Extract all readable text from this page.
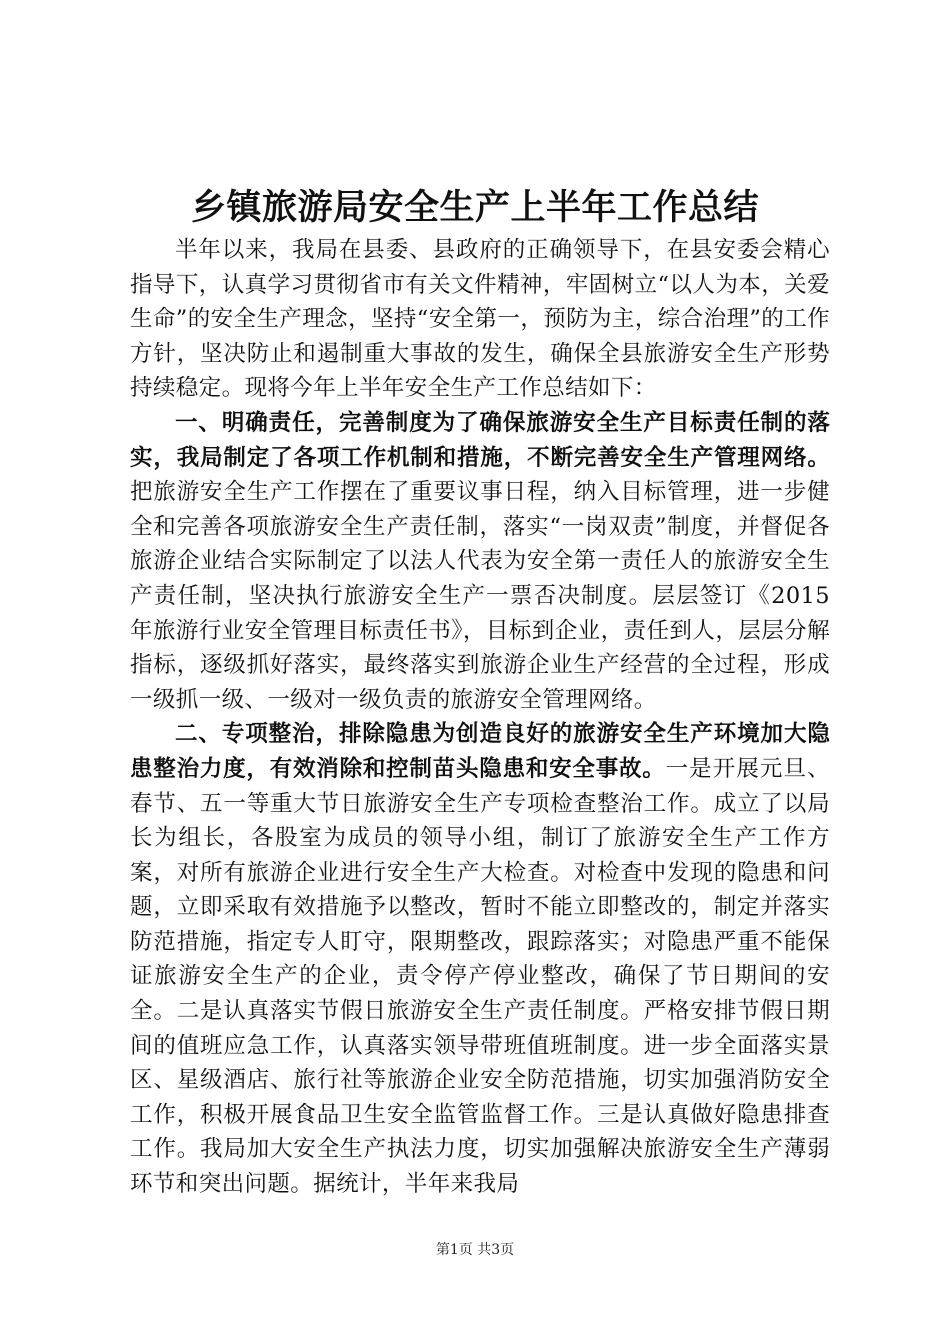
乡镇旅游局安全生产上半年工作总结

半年以来，我局在县委、县政府的正确领导下，在县安委会精心指导下，认真学习贯彻省市有关文件精神，牢固树立“以人为本，关爱生命”的安全生产理念，坚持“安全第一，预防为主，综合治理”的工作方针，坚决防止和遏制重大事故的发生，确保全县旅游安全生产形势持续稳定。现将今年上半年安全生产工作总结如下：

一、明确责任，完善制度为了确保旅游安全生产目标责任制的落实，我局制定了各项工作机制和措施，不断完善安全生产管理网络。把旅游安全生产工作摆在了重要议事日程，纳入目标管理，进一步健全和完善各项旅游安全生产责任制，落实“一岗双责”制度，并督促各旅游企业结合实际制定了以法人代表为安全第一责任人的旅游安全生产责任制，坚决执行旅游安全生产一票否决制度。层层签订《2015年旅游行业安全管理目标责任书》，目标到企业，责任到人，层层分解指标，逐级抓好落实，最终落实到旅游企业生产经营的全过程，形成一级抓一级、一级对一级负责的旅游安全管理网络。

二、专项整治，排除隐患为创造良好的旅游安全生产环境加大隐患整治力度，有效消除和控制苗头隐患和安全事故。一是开展元旦、春节、五一等重大节日旅游安全生产专项检查整治工作。成立了以局长为组长，各股室为成员的领导小组，制订了旅游安全生产工作方案，对所有旅游企业进行安全生产大检查。对检查中发现的隐患和问题，立即采取有效措施予以整改，暂时不能立即整改的，制定并落实防范措施，指定专人盯守，限期整改，跟踪落实；对隐患严重不能保证旅游安全生产的企业，责令停产停业整改，确保了节日期间的安全。二是认真落实节假日旅游安全生产责任制度。严格安排节假日期间的值班应急工作，认真落实领导带班值班制度。进一步全面落实景区、星级酒店、旅行社等旅游企业安全防范措施，切实加强消防安全工作，积极开展食品卫生安全监管监督工作。三是认真做好隐患排查工作。我局加大安全生产执法力度，切实加强解决旅游安全生产薄弱环节和突出问题。据统计，半年来我局

第1页 共3页
